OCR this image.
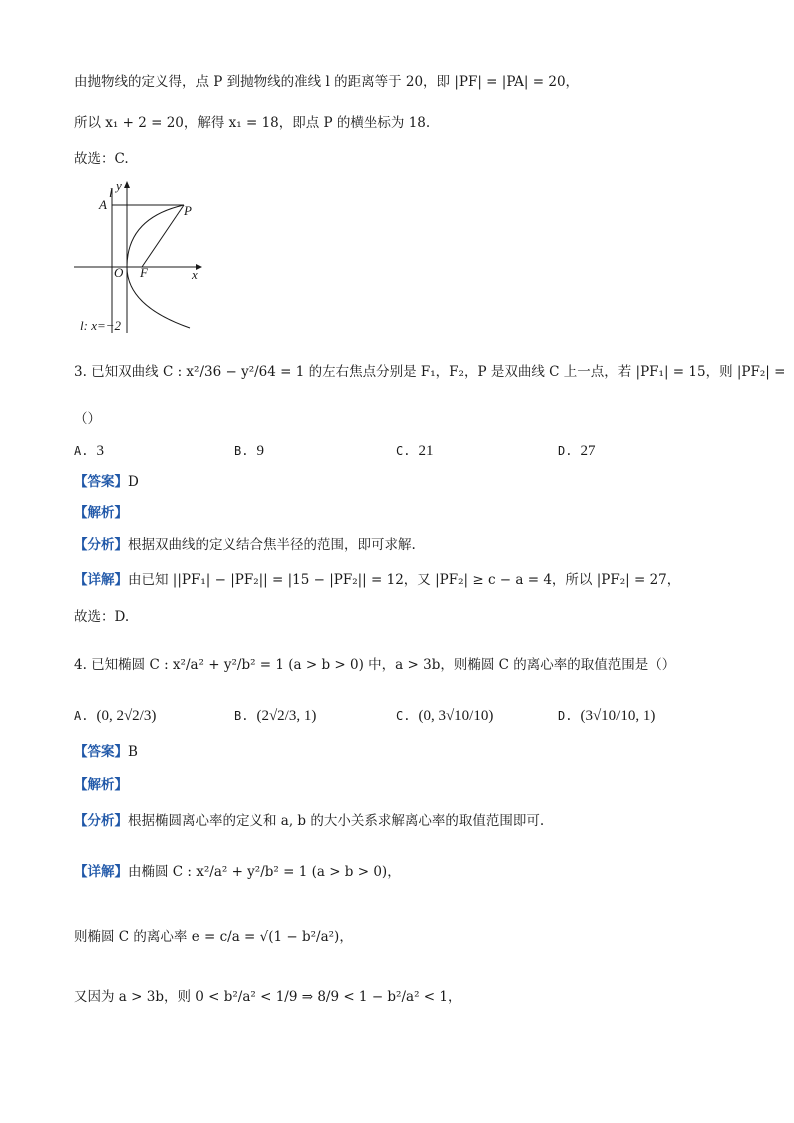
由抛物线的定义得，点 P 到抛物线的准线 l 的距离等于 20，即 |PF| = |PA| = 20，
所以 x₁ + 2 = 20，解得 x₁ = 18，即点 P 的横坐标为 18.
故选：C.
y
l
A	P
O F	x
l: x=−2
3. 已知双曲线 C : x²/36 − y²/64 = 1 的左右焦点分别是 F₁，F₂，P 是双曲线 C 上一点，若 |PF₁| = 15，则 |PF₂| =
（）
A. 3	B. 9	C. 21	D. 27
【答案】D
【解析】
【分析】根据双曲线的定义结合焦半径的范围，即可求解.
【详解】由已知 ||PF₁| − |PF₂|| = |15 − |PF₂|| = 12，又 |PF₂| ≥ c − a = 4，所以 |PF₂| = 27，
故选：D.
4. 已知椭圆 C : x²/a² + y²/b² = 1 (a > b > 0) 中，a > 3b，则椭圆 C 的离心率的取值范围是（）
A. (0, 2√2/3)	B. (2√2/3, 1)	C. (0, 3√10/10)	D. (3√10/10, 1)
【答案】B
【解析】
【分析】根据椭圆离心率的定义和 a, b 的大小关系求解离心率的取值范围即可.
【详解】由椭圆 C : x²/a² + y²/b² = 1 (a > b > 0)，
则椭圆 C 的离心率 e = c/a = √(1 − b²/a²)，
又因为 a > 3b，则 0 < b²/a² < 1/9 ⇒ 8/9 < 1 − b²/a² < 1，
